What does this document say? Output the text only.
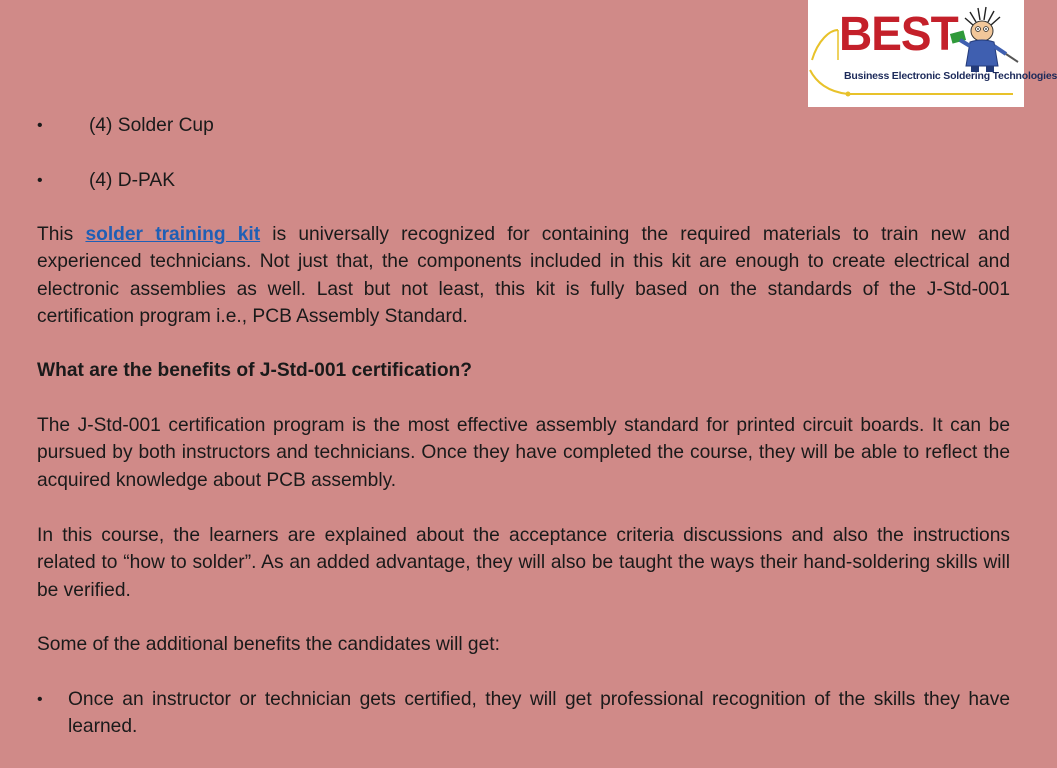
BEST
Business Electronic Soldering Technologies
• (4) Solder Cup
• (4) D-PAK

This solder training kit is universally recognized for containing the required materials to train new and experienced technicians. Not just that, the components included in this kit are enough to create electrical and electronic assemblies as well. Last but not least, this kit is fully based on the standards of the J-Std-001 certification program i.e., PCB Assembly Standard.

What are the benefits of J-Std-001 certification?

The J-Std-001 certification program is the most effective assembly standard for printed circuit boards. It can be pursued by both instructors and technicians. Once they have completed the course, they will be able to reflect the acquired knowledge about PCB assembly.

In this course, the learners are explained about the acceptance criteria discussions and also the instructions related to “how to solder”. As an added advantage, they will also be taught the ways their hand-soldering skills will be verified.

Some of the additional benefits the candidates will get:

• Once an instructor or technician gets certified, they will get professional recognition of the skills they have learned.
